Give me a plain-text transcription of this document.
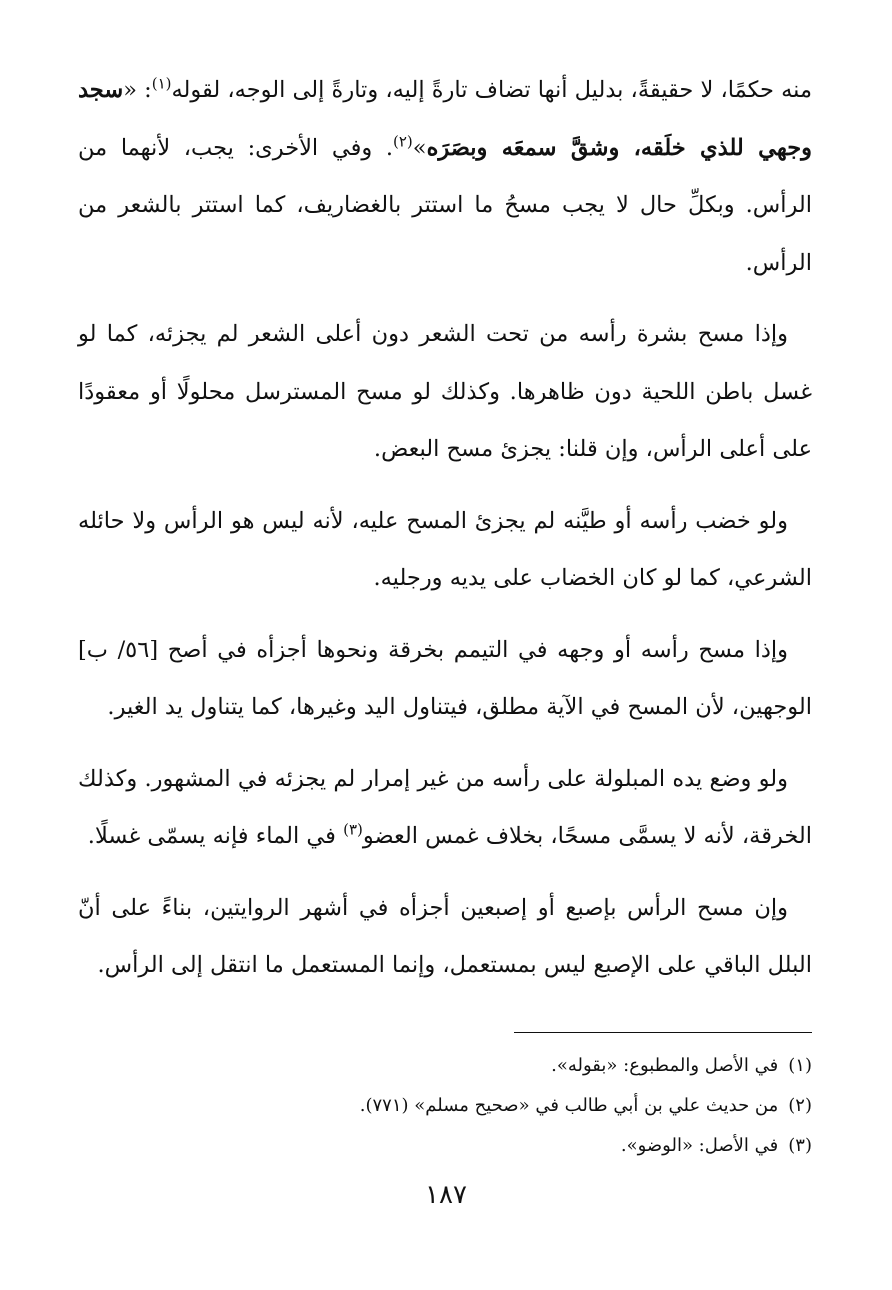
منه حكمًا، لا حقيقةً، بدليل أنها تضاف تارةً إليه، وتارةً إلى الوجه، لقوله$^{(١)}$: «سجد وجهي للذي خلَقه، وشقَّ سمعَه وبصَرَه»$^{(٢)}$. وفي الأخرى: يجب، لأنهما من الرأس. وبكلِّ حال لا يجب مسحُ ما استتر بالغضاريف، كما استتر بالشعر من الرأس.

وإذا مسح بشرة رأسه من تحت الشعر دون أعلى الشعر لم يجزئه، كما لو غسل باطن اللحية دون ظاهرها. وكذلك لو مسح المسترسل محلولًا أو معقودًا على أعلى الرأس، وإن قلنا: يجزئ مسح البعض.

ولو خضب رأسه أو طيَّنه لم يجزئ المسح عليه، لأنه ليس هو الرأس ولا حائله الشرعي، كما لو كان الخضاب على يديه ورجليه.

وإذا مسح رأسه أو وجهه في التيمم بخرقة ونحوها أجزأه في أصح [٥٦/ ب] الوجهين، لأن المسح في الآية مطلق، فيتناول اليد وغيرها، كما يتناول يد الغير.

ولو وضع يده المبلولة على رأسه من غير إمرار لم يجزئه في المشهور. وكذلك الخرقة، لأنه لا يسمَّى مسحًا، بخلاف غمس العضو$^{(٣)}$ في الماء فإنه يسمّى غسلًا.

وإن مسح الرأس بإصبع أو إصبعين أجزأه في أشهر الروايتين، بناءً على أنّ البلل الباقي على الإصبع ليس بمستعمل، وإنما المستعمل ما انتقل إلى الرأس.

(١)في الأصل والمطبوع: «بقوله».

(٢)من حديث علي بن أبي طالب في «صحيح مسلم» (٧٧١).

(٣)في الأصل: «الوضو».

١٨٧
